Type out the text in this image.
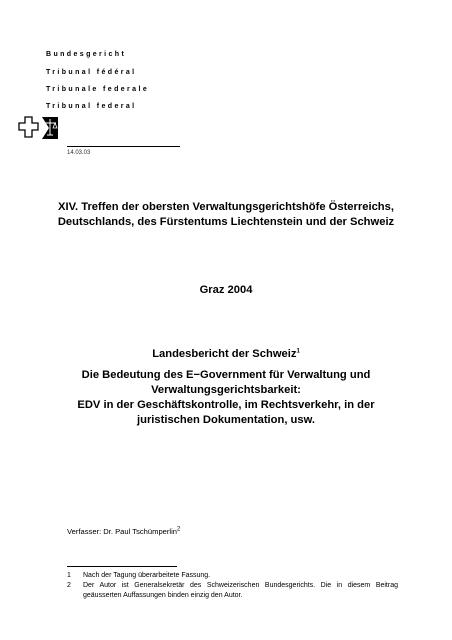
Bundesgericht
Tribunal fédéral
Tribunale federale
Tribunal federal
14.03.03
XIV. Treffen der obersten Verwaltungsgerichtshöfe Österreichs,
Deutschlands, des Fürstentums Liechtenstein und der Schweiz
Graz 2004
Landesbericht der Schweiz$^1$
Die Bedeutung des E−Government für Verwaltung und
Verwaltungsgerichtsbarkeit:
EDV in der Geschäftskontrolle, im Rechtsverkehr, in der
juristischen Dokumentation, usw.
Verfasser: Dr. Paul Tschümperlin$^2$
1 Nach der Tagung überarbeitete Fassung.
2 Der Autor ist Generalsekretär des Schweizerischen Bundesgerichts. Die in diesem Beitrag geäusserten Auffassungen binden einzig den Autor.
